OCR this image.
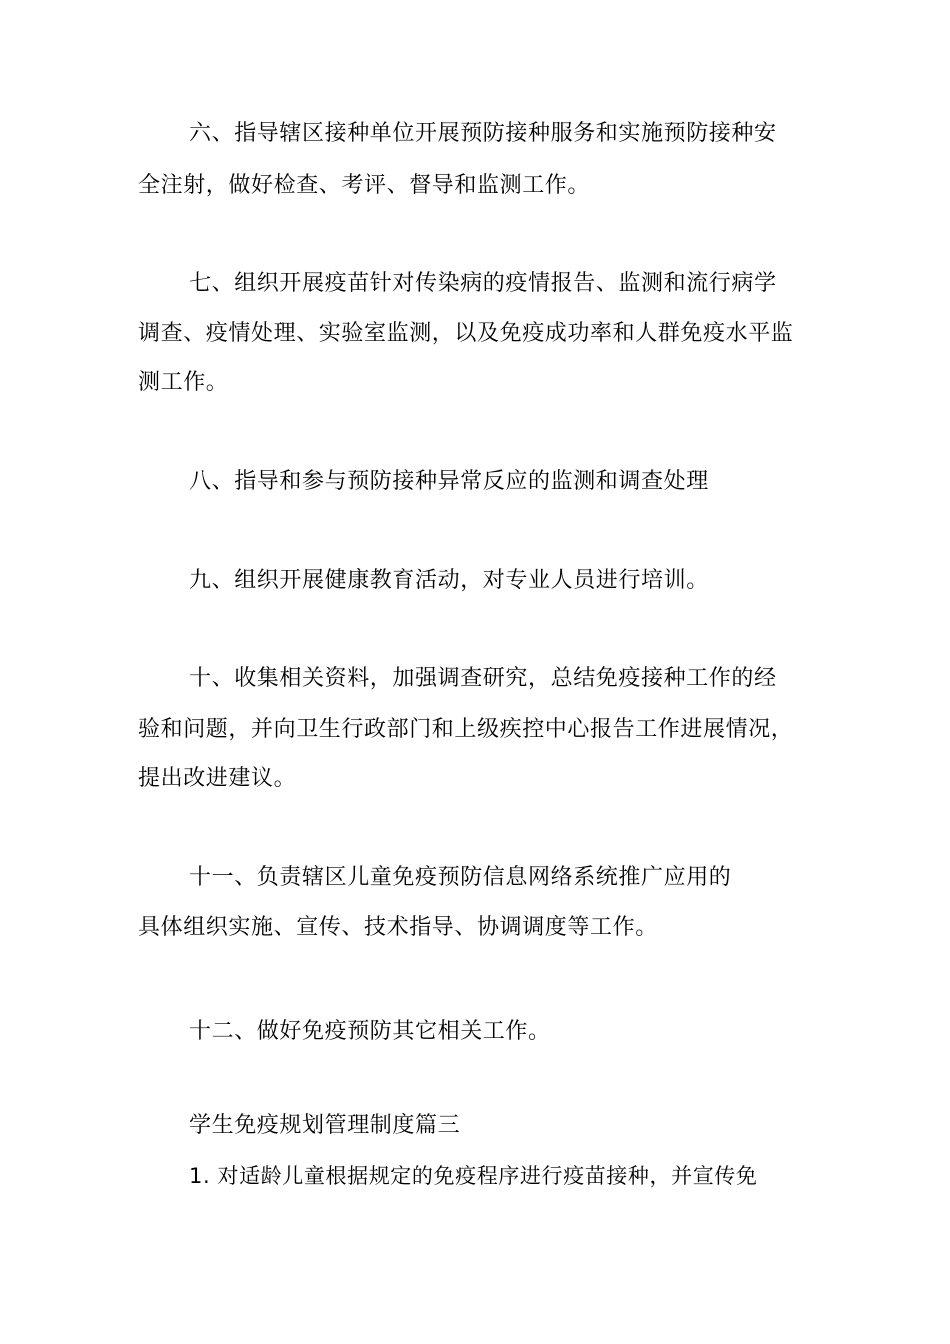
六、指导辖区接种单位开展预防接种服务和实施预防接种安
全注射，做好检查、考评、督导和监测工作。
七、组织开展疫苗针对传染病的疫情报告、监测和流行病学
调查、疫情处理、实验室监测，以及免疫成功率和人群免疫水平监
测工作。
八、指导和参与预防接种异常反应的监测和调查处理
九、组织开展健康教育活动，对专业人员进行培训。
十、收集相关资料，加强调查研究，总结免疫接种工作的经
验和问题，并向卫生行政部门和上级疾控中心报告工作进展情况，
提出改进建议。
十一、负责辖区儿童免疫预防信息网络系统推广应用的
具体组织实施、宣传、技术指导、协调调度等工作。
十二、做好免疫预防其它相关工作。
学生免疫规划管理制度篇三
1. 对适龄儿童根据规定的免疫程序进行疫苗接种，并宣传免
